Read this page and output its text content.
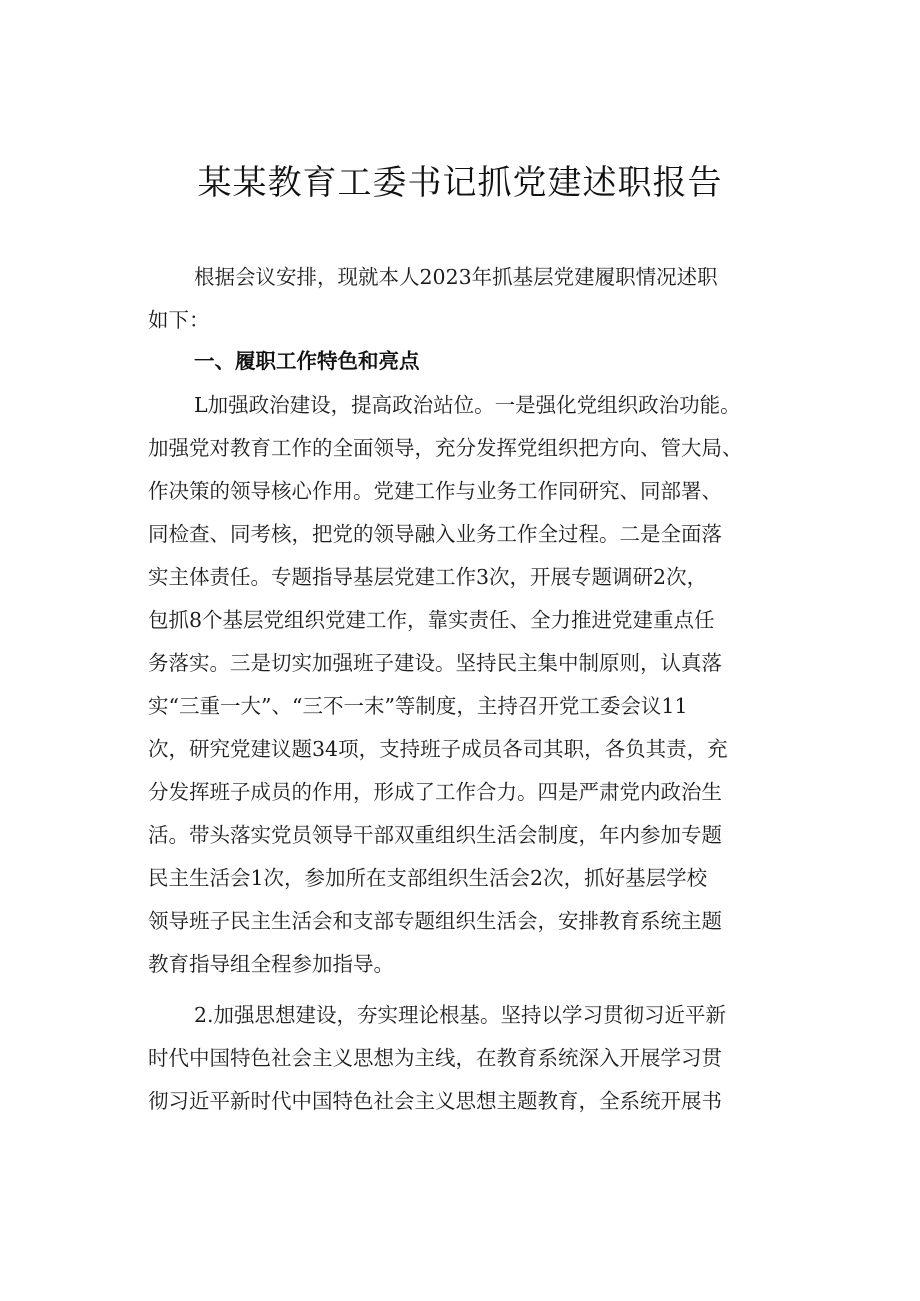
某某教育工委书记抓党建述职报告
根据会议安排，现就本人2023年抓基层党建履职情况述职
如下：
一、履职工作特色和亮点
L加强政治建设，提高政治站位。一是强化党组织政治功能。
加强党对教育工作的全面领导，充分发挥党组织把方向、管大局、
作决策的领导核心作用。党建工作与业务工作同研究、同部署、
同检查、同考核，把党的领导融入业务工作全过程。二是全面落
实主体责任。专题指导基层党建工作3次，开展专题调研2次，
包抓8个基层党组织党建工作，靠实责任、全力推进党建重点任
务落实。三是切实加强班子建设。坚持民主集中制原则，认真落
实“三重一大”、“三不一末”等制度，主持召开党工委会议11
次，研究党建议题34项，支持班子成员各司其职，各负其责，充
分发挥班子成员的作用，形成了工作合力。四是严肃党内政治生
活。带头落实党员领导干部双重组织生活会制度，年内参加专题
民主生活会1次，参加所在支部组织生活会2次，抓好基层学校
领导班子民主生活会和支部专题组织生活会，安排教育系统主题
教育指导组全程参加指导。
2.加强思想建设，夯实理论根基。坚持以学习贯彻习近平新
时代中国特色社会主义思想为主线，在教育系统深入开展学习贯
彻习近平新时代中国特色社会主义思想主题教育，全系统开展书
